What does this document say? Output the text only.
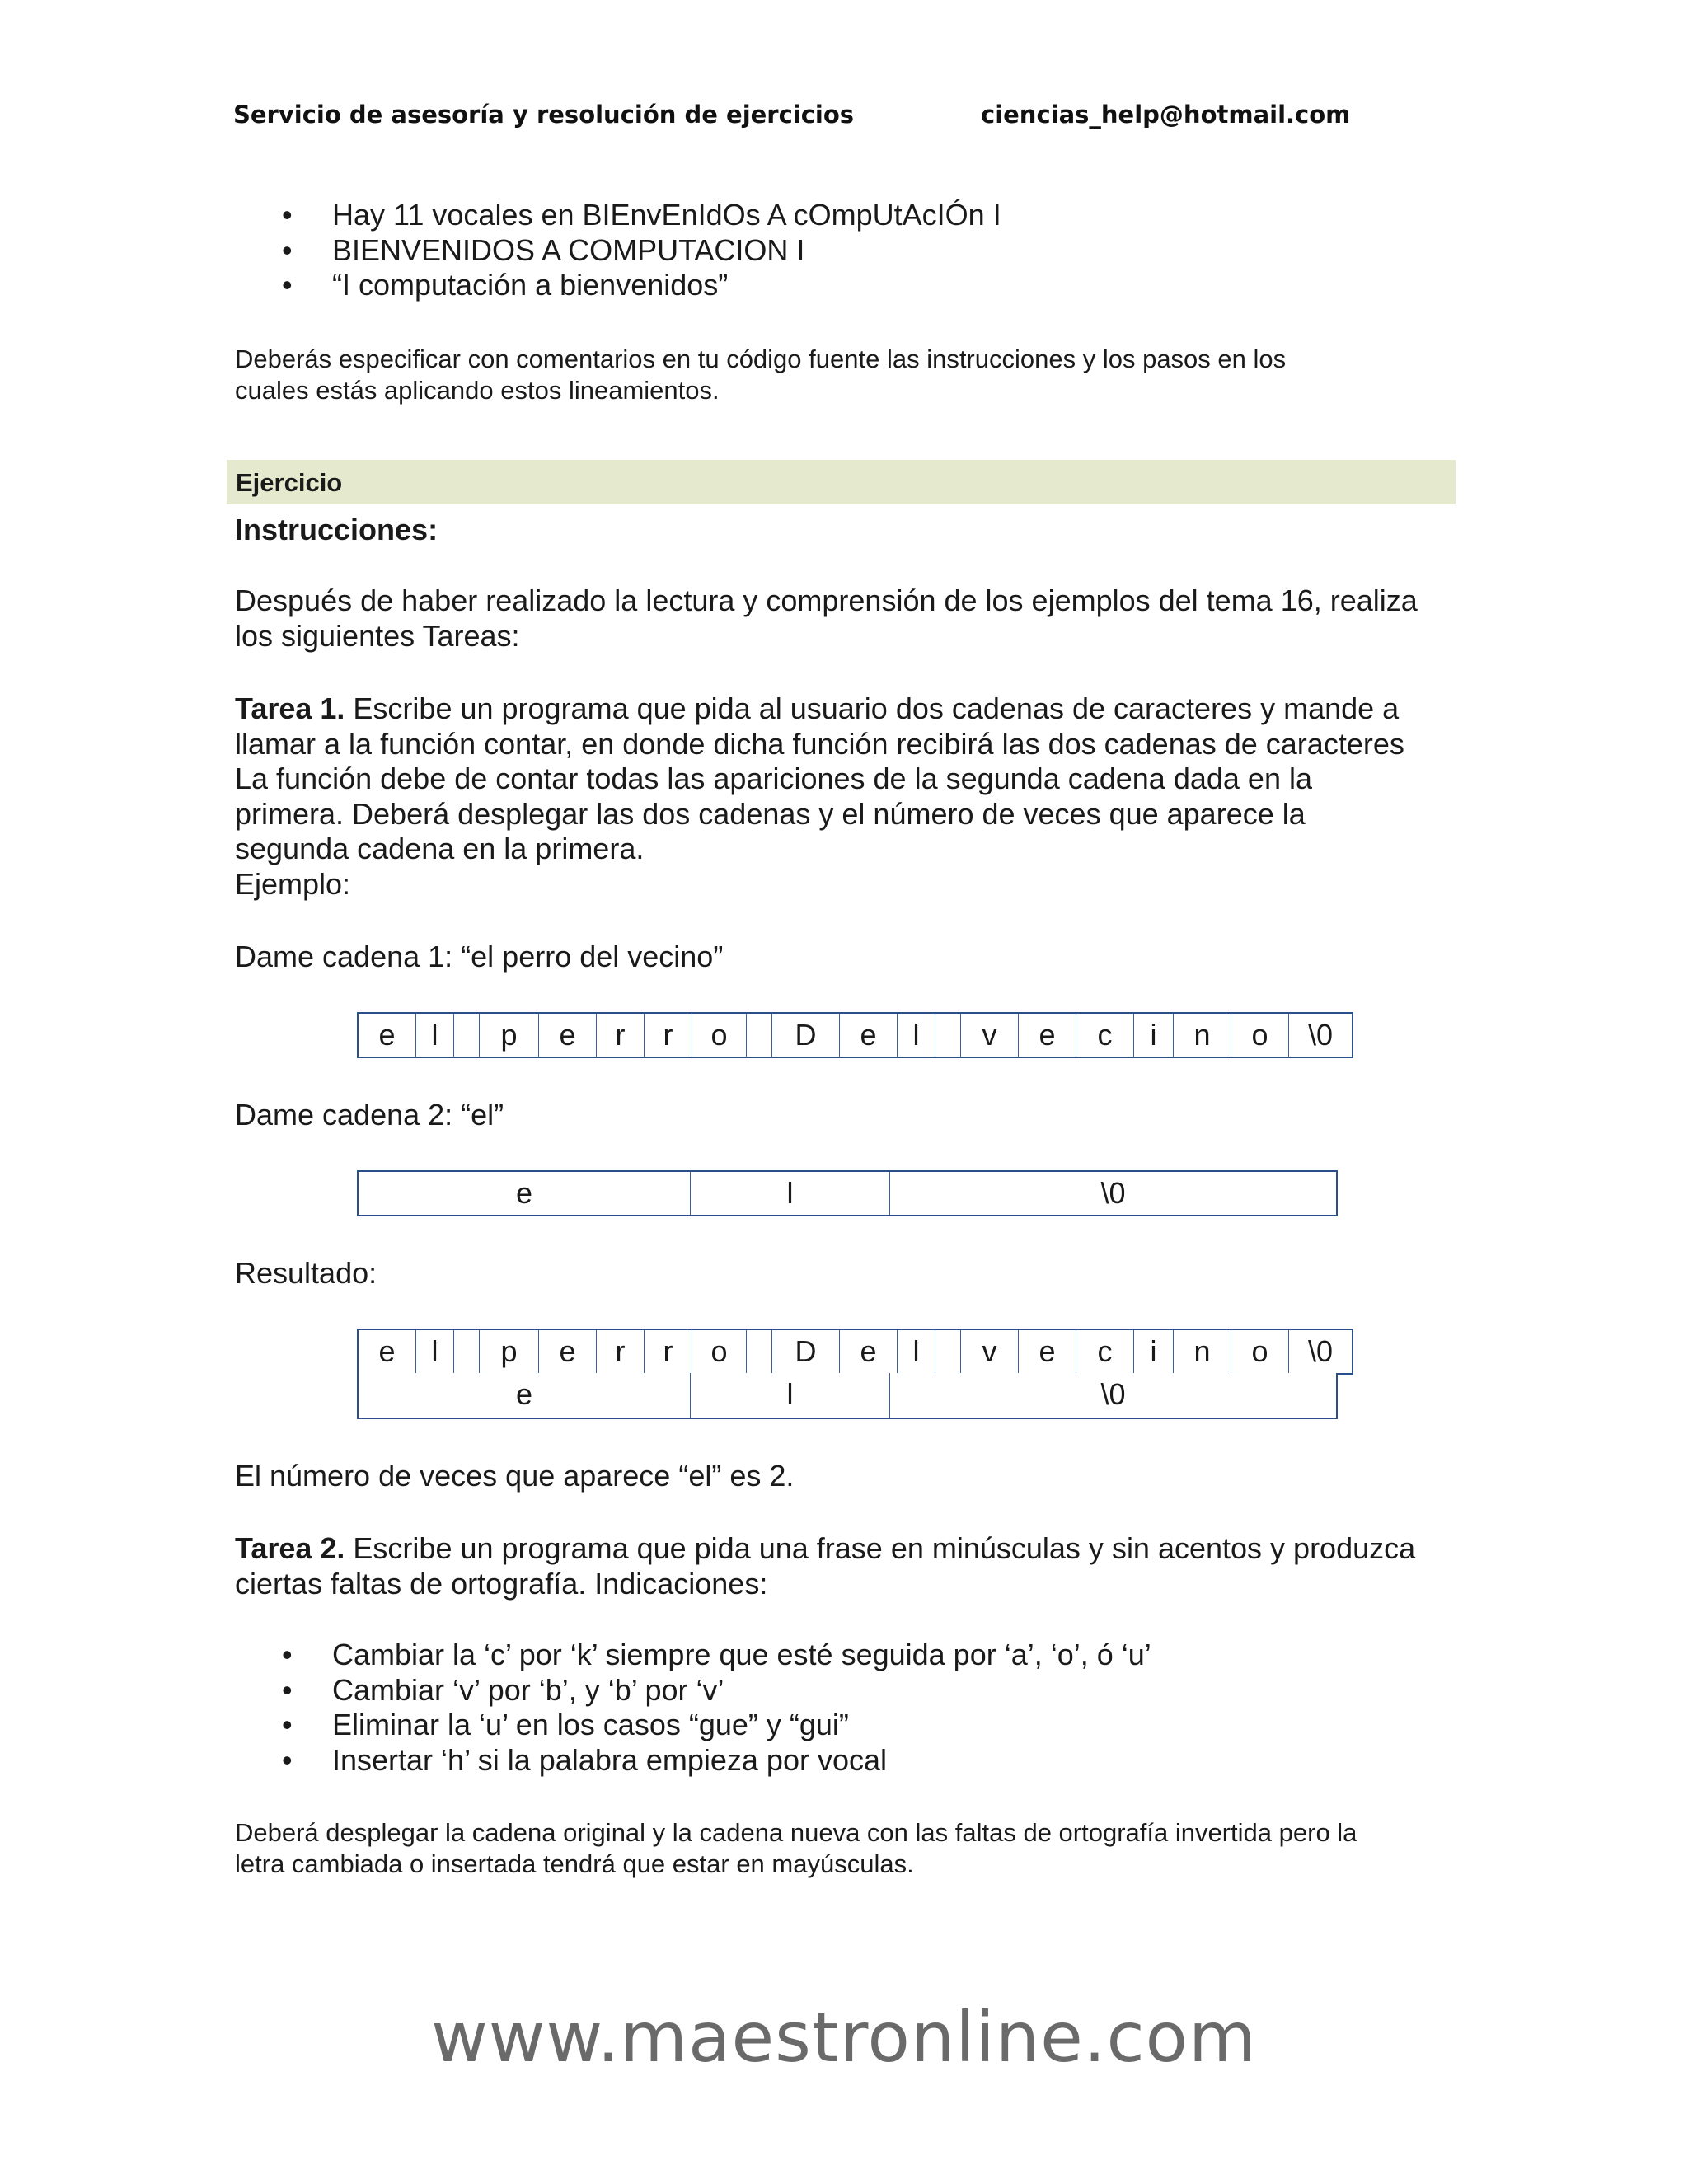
Servicio de asesoría y resolución de ejercicios	ciencias_help@hotmail.com
• Hay 11 vocales en BIEnvEnIdOs A cOmpUtAcIÓn I
• BIENVENIDOS A COMPUTACION I
• “I computación a bienvenidos”
Deberás especificar con comentarios en tu código fuente las instrucciones y los pasos en los
cuales estás aplicando estos lineamientos.
Ejercicio
Instrucciones:
Después de haber realizado la lectura y comprensión de los ejemplos del tema 16, realiza
los siguientes Tareas:
Tarea 1. Escribe un programa que pida al usuario dos cadenas de caracteres y mande a
llamar a la función contar, en donde dicha función recibirá las dos cadenas de caracteres
La función debe de contar todas las apariciones de la segunda cadena dada en la
primera. Deberá desplegar las dos cadenas y el número de veces que aparece la
segunda cadena en la primera.
Ejemplo:
Dame cadena 1: “el perro del vecino”
e	l	p	e	r	r	o	D	e	l	v	e	c	i	n	o	\0
Dame cadena 2: “el”
e	l	\0
Resultado:
e	l	p	e	r	r	o	D	e	l	v	e	c	i	n	o	\0
e	l	\0
El número de veces que aparece “el” es 2.
Tarea 2. Escribe un programa que pida una frase en minúsculas y sin acentos y produzca
ciertas faltas de ortografía. Indicaciones:
• Cambiar la ‘c’ por ‘k’ siempre que esté seguida por ‘a’, ‘o’, ó ‘u’
• Cambiar ‘v’ por ‘b’, y ‘b’ por ‘v’
• Eliminar la ‘u’ en los casos “gue” y “gui”
• Insertar ‘h’ si la palabra empieza por vocal
Deberá desplegar la cadena original y la cadena nueva con las faltas de ortografía invertida pero la
letra cambiada o insertada tendrá que estar en mayúsculas.
www.maestronline.com
